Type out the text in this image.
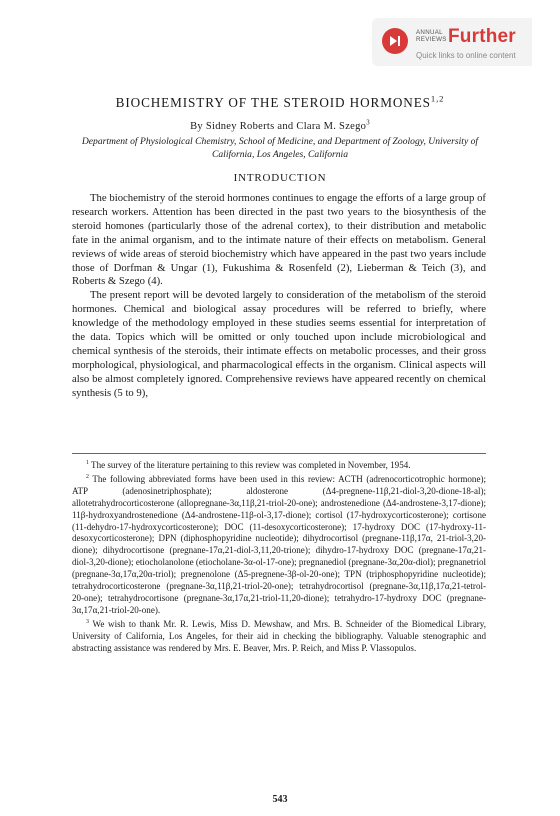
ANNUAL REVIEWS Further
Quick links to online content
BIOCHEMISTRY OF THE STEROID HORMONES$^{1,2}$
By Sidney Roberts and Clara M. Szego$^3$
Department of Physiological Chemistry, School of Medicine, and Department of Zoology, University of California, Los Angeles, California
INTRODUCTION

The biochemistry of the steroid hormones continues to engage the efforts of a large group of research workers. Attention has been directed in the past two years to the biosynthesis of the steroid homones (particularly those of the adrenal cortex), to their distribution and metabolic fate in the animal organism, and to the intimate nature of their effects on metabolism. General reviews of wide areas of steroid biochemistry which have appeared in the past two years include those of Dorfman & Ungar (1), Fukushima & Rosenfeld (2), Lieberman & Teich (3), and Roberts & Szego (4).

The present report will be devoted largely to consideration of the metabolism of the steroid hormones. Chemical and biological assay procedures will be referred to briefly, where knowledge of the methodology employed in these studies seems essential for interpretation of the data. Topics which will be omitted or only touched upon include microbiological and chemical synthesis of the steroids, their intimate effects on metabolic processes, and their gross morphological, physiological, and pharmacological effects in the organism. Clinical aspects will also be almost completely ignored. Comprehensive reviews have appeared recently on chemical synthesis (5 to 9),

$^1$ The survey of the literature pertaining to this review was completed in November, 1954.

$^2$ The following abbreviated forms have been used in this review: ACTH (adrenocorticotrophic hormone); ATP (adenosinetriphosphate); aldosterone (Δ4-pregnene-11β,21-diol-3,20-dione-18-al); allotetrahydrocorticosterone (allopregnane-3α,11β,21-triol-20-one); androstenedione (Δ4-androstene-3,17-dione); 11β-hydroxyandrostenedione (Δ4-androstene-11β-ol-3,17-dione); cortisol (17-hydroxycorticosterone); cortisone (11-dehydro-17-hydroxycorticosterone); DOC (11-desoxycorticosterone); 17-hydroxy DOC (17-hydroxy-11-desoxycorticosterone); DPN (diphosphopyridine nucleotide); dihydrocortisol (pregnane-11β,17α, 21-triol-3,20-dione); dihydrocortisone (pregnane-17α,21-diol-3,11,20-trione); dihydro-17-hydroxy DOC (pregnane-17α,21-diol-3,20-dione); etiocholanolone (etiocholane-3α-ol-17-one); pregnanediol (pregnane-3α,20α-diol); pregnanetriol (pregnane-3α,17α,20α-triol); pregnenolone (Δ5-pregnene-3β-ol-20-one); TPN (triphosphopyridine nucleotide); tetrahydrocorticosterone (pregnane-3α,11β,21-triol-20-one); tetrahydrocortisol (pregnane-3α,11β,17α,21-tetrol-20-one); tetrahydrocortisone (pregnane-3α,17α,21-triol-11,20-dione); tetrahydro-17-hydroxy DOC (pregnane-3α,17α,21-triol-20-one).

$^3$ We wish to thank Mr. R. Lewis, Miss D. Mewshaw, and Mrs. B. Schneider of the Biomedical Library, University of California, Los Angeles, for their aid in checking the bibliography. Valuable stenographic and abstracting assistance was rendered by Mrs. E. Beaver, Mrs. P. Reich, and Miss P. Vlassopulos.

543
